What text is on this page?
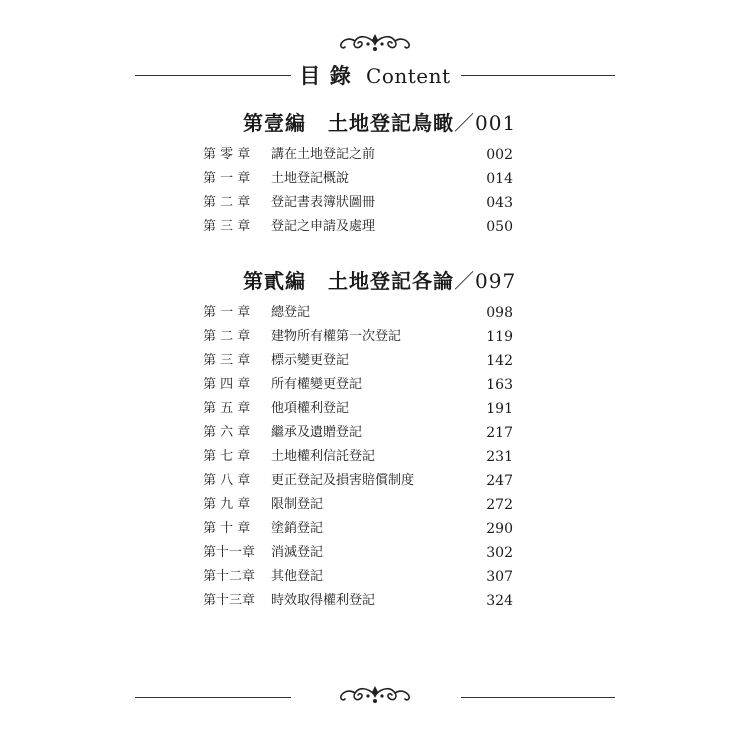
目 錄 Content
第壹編 土地登記鳥瞰／001
第 零 章	講在土地登記之前	002
第 一 章	土地登記概說	014
第 二 章	登記書表簿狀圖冊	043
第 三 章	登記之申請及處理	050
第貳編 土地登記各論／097
第 一 章	總登記	098
第 二 章	建物所有權第一次登記	119
第 三 章	標示變更登記	142
第 四 章	所有權變更登記	163
第 五 章	他項權利登記	191
第 六 章	繼承及遺贈登記	217
第 七 章	土地權利信託登記	231
第 八 章	更正登記及損害賠償制度	247
第 九 章	限制登記	272
第 十 章	塗銷登記	290
第十一章	消滅登記	302
第十二章	其他登記	307
第十三章	時效取得權利登記	324
